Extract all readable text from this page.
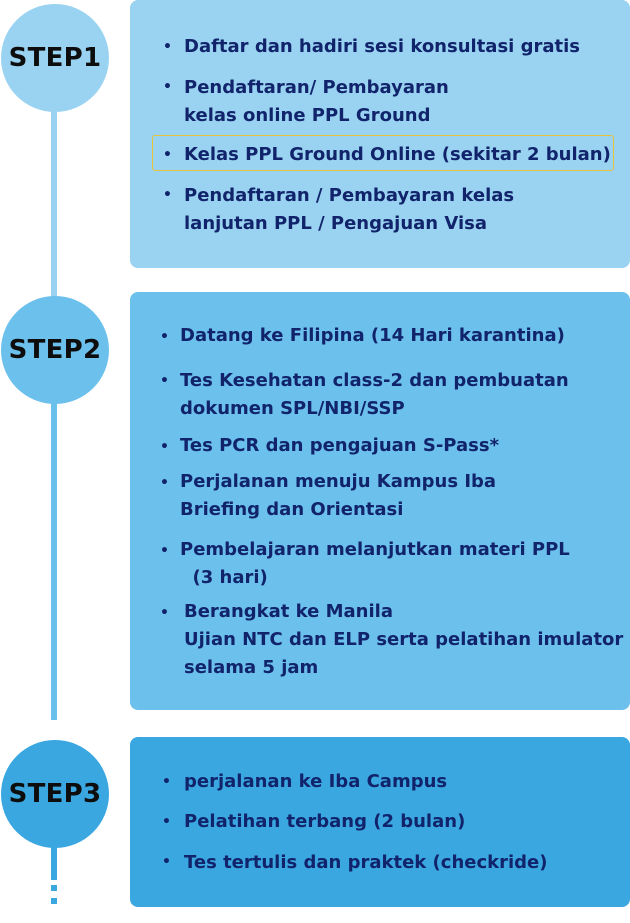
STEP1
STEP2
STEP3
• Daftar dan hadiri sesi konsultasi gratis
• Pendaftaran/ Pembayaran
kelas online PPL Ground
• Kelas PPL Ground Online (sekitar 2 bulan)
• Pendaftaran / Pembayaran kelas
lanjutan PPL / Pengajuan Visa
• Datang ke Filipina (14 Hari karantina)
• Tes Kesehatan class-2 dan pembuatan
dokumen SPL/NBI/SSP
• Tes PCR dan pengajuan S-Pass*
• Perjalanan menuju Kampus Iba
Briefing dan Orientasi
• Pembelajaran melanjutkan materi PPL
(3 hari)
• Berangkat ke Manila
Ujian NTC dan ELP serta pelatihan imulator
selama 5 jam
• perjalanan ke Iba Campus
• Pelatihan terbang (2 bulan)
• Tes tertulis dan praktek (checkride)
